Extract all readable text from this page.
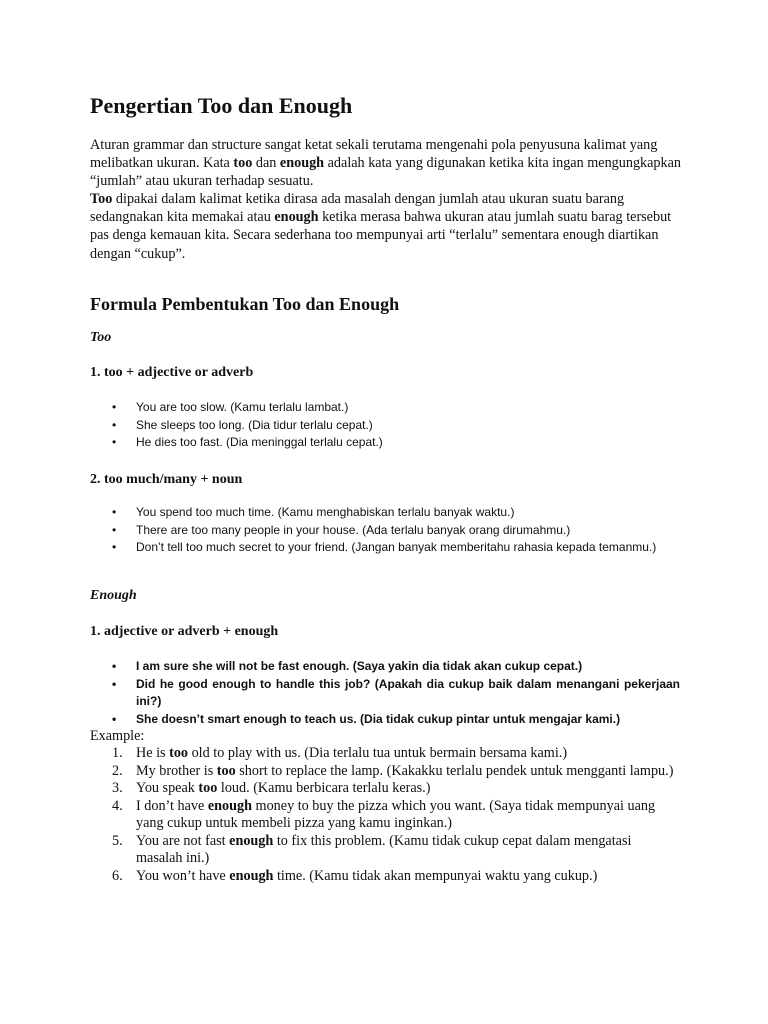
Pengertian Too dan Enough

Aturan grammar dan structure sangat ketat sekali terutama mengenahi pola penyusuna kalimat yang melibatkan ukuran. Kata too dan enough adalah kata yang digunakan ketika kita ingan mengungkapkan “jumlah” atau ukuran terhadap sesuatu.

Too dipakai dalam kalimat ketika dirasa ada masalah dengan jumlah atau ukuran suatu barang sedangnakan kita memakai atau enough ketika merasa bahwa ukuran atau jumlah suatu barag tersebut pas denga kemauan kita. Secara sederhana too mempunyai arti “terlalu” sementara enough diartikan dengan “cukup”.

Formula Pembentukan Too dan Enough

Too

1. too + adjective or adverb

• You are too slow. (Kamu terlalu lambat.)
• She sleeps too long. (Dia tidur terlalu cepat.)
• He dies too fast. (Dia meninggal terlalu cepat.)

2. too much/many + noun

• You spend too much time. (Kamu menghabiskan terlalu banyak waktu.)
• There are too many people in your house. (Ada terlalu banyak orang dirumahmu.)
• Don’t tell too much secret to your friend. (Jangan banyak memberitahu rahasia kepada temanmu.)

Enough

1. adjective or adverb + enough

• I am sure she will not be fast enough. (Saya yakin dia tidak akan cukup cepat.)
• Did he good enough to handle this job? (Apakah dia cukup baik dalam menangani pekerjaan ini?)
• She doesn’t smart enough to teach us. (Dia tidak cukup pintar untuk mengajar kami.)

Example:

1. He is too old to play with us. (Dia terlalu tua untuk bermain bersama kami.)
2. My brother is too short to replace the lamp. (Kakakku terlalu pendek untuk mengganti lampu.)
3. You speak too loud. (Kamu berbicara terlalu keras.)
4. I don’t have enough money to buy the pizza which you want. (Saya tidak mempunyai uang yang cukup untuk membeli pizza yang kamu inginkan.)
5. You are not fast enough to fix this problem. (Kamu tidak cukup cepat dalam mengatasi masalah ini.)
6. You won’t have enough time. (Kamu tidak akan mempunyai waktu yang cukup.)
